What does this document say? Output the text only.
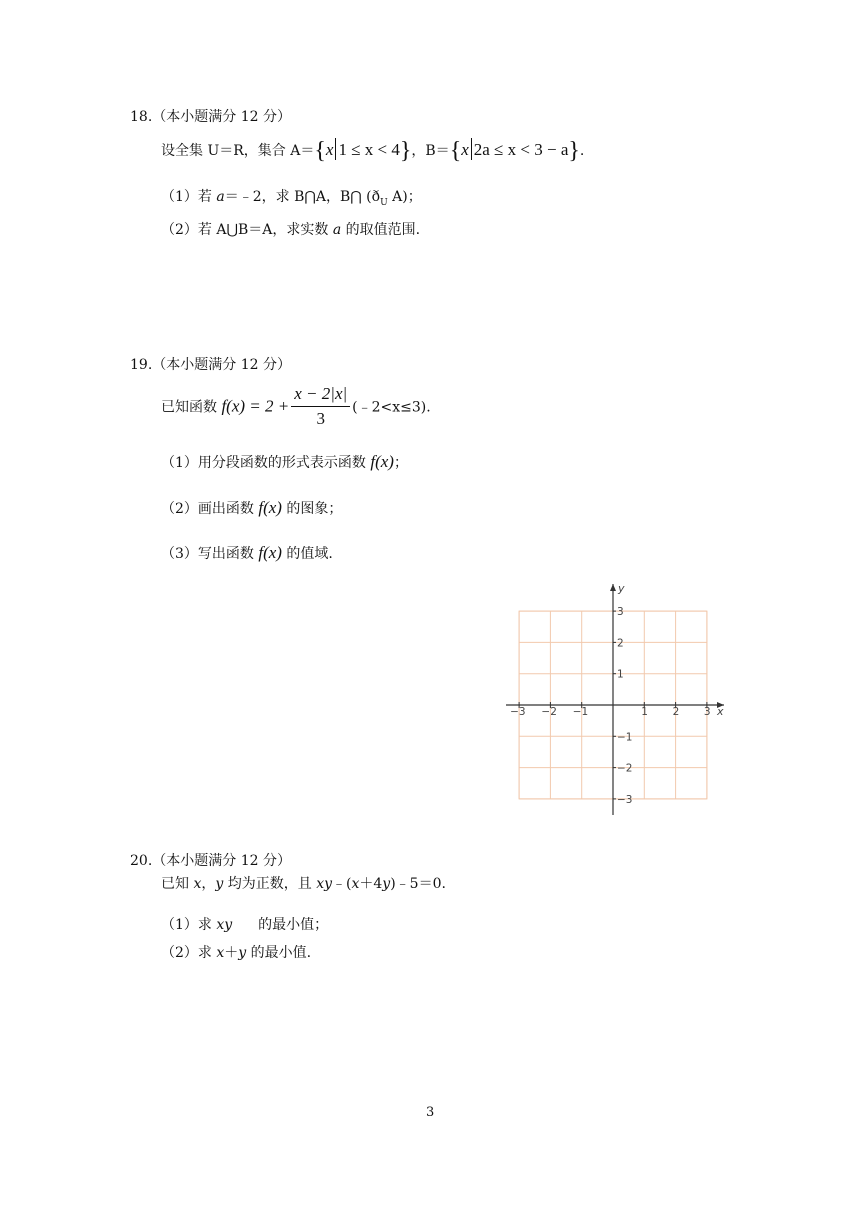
18.（本小题满分 12 分）
设全集 U＝R，集合 A＝{x 1 ≤ x < 4}，B＝{x 2a ≤ x < 3 − a}.
（1）若 a＝﹣2，求 B⋂A，B⋂ ($ð_U$ A)；
（2）若 A⋃B＝A，求实数 a 的取值范围.
19.（本小题满分 12 分）
已知函数 $f(x) = 2 + \frac{x - 2|x|}{3}$ (﹣2<x≤3).
（1）用分段函数的形式表示函数 f(x)；
（2）画出函数 f(x) 的图象；
（3）写出函数 f(x) 的值域.
−3 −2 −1	1 2 3
3
2
1
−1
−2
−3
x
y
20.（本小题满分 12 分）
已知 x，y 均为正数，且 xy﹣(x＋4y)﹣5＝0.
（1）求 xy 的最小值；
（2）求 x＋y 的最小值.
3
